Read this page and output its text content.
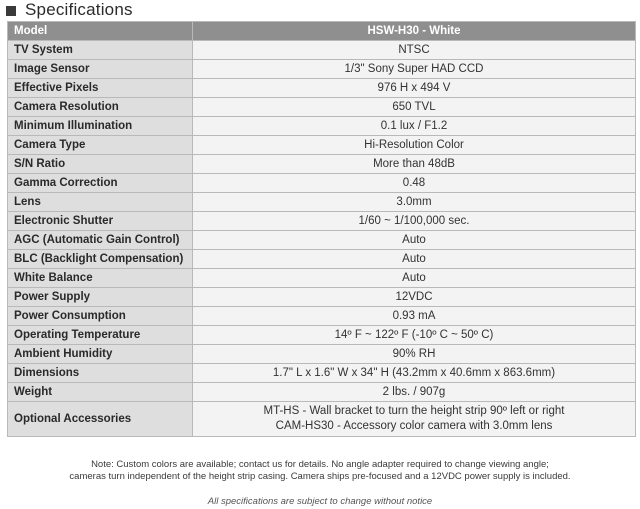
Specifications
Model	HSW-H30 - White
TV System	NTSC
Image Sensor	1/3" Sony Super HAD CCD
Effective Pixels	976 H x 494 V
Camera Resolution	650 TVL
Minimum Illumination	0.1 lux / F1.2
Camera Type	Hi-Resolution Color
S/N Ratio	More than 48dB
Gamma Correction	0.48
Lens	3.0mm
Electronic Shutter	1/60 ~ 1/100,000 sec.
AGC (Automatic Gain Control)	Auto
BLC (Backlight Compensation)	Auto
White Balance	Auto
Power Supply	12VDC
Power Consumption	0.93 mA
Operating Temperature	14º F ~ 122º F (-10º C ~ 50º C)
Ambient Humidity	90% RH
Dimensions	1.7" L x 1.6" W x 34" H (43.2mm x 40.6mm x 863.6mm)
Weight	2 lbs. / 907g
Optional Accessories	MT-HS - Wall bracket to turn the height strip 90º left or right
CAM-HS30 - Accessory color camera with 3.0mm lens
Note: Custom colors are available; contact us for details. No angle adapter required to change viewing angle;
cameras turn independent of the height strip casing. Camera ships pre-focused and a 12VDC power supply is included.
All specifications are subject to change without notice
